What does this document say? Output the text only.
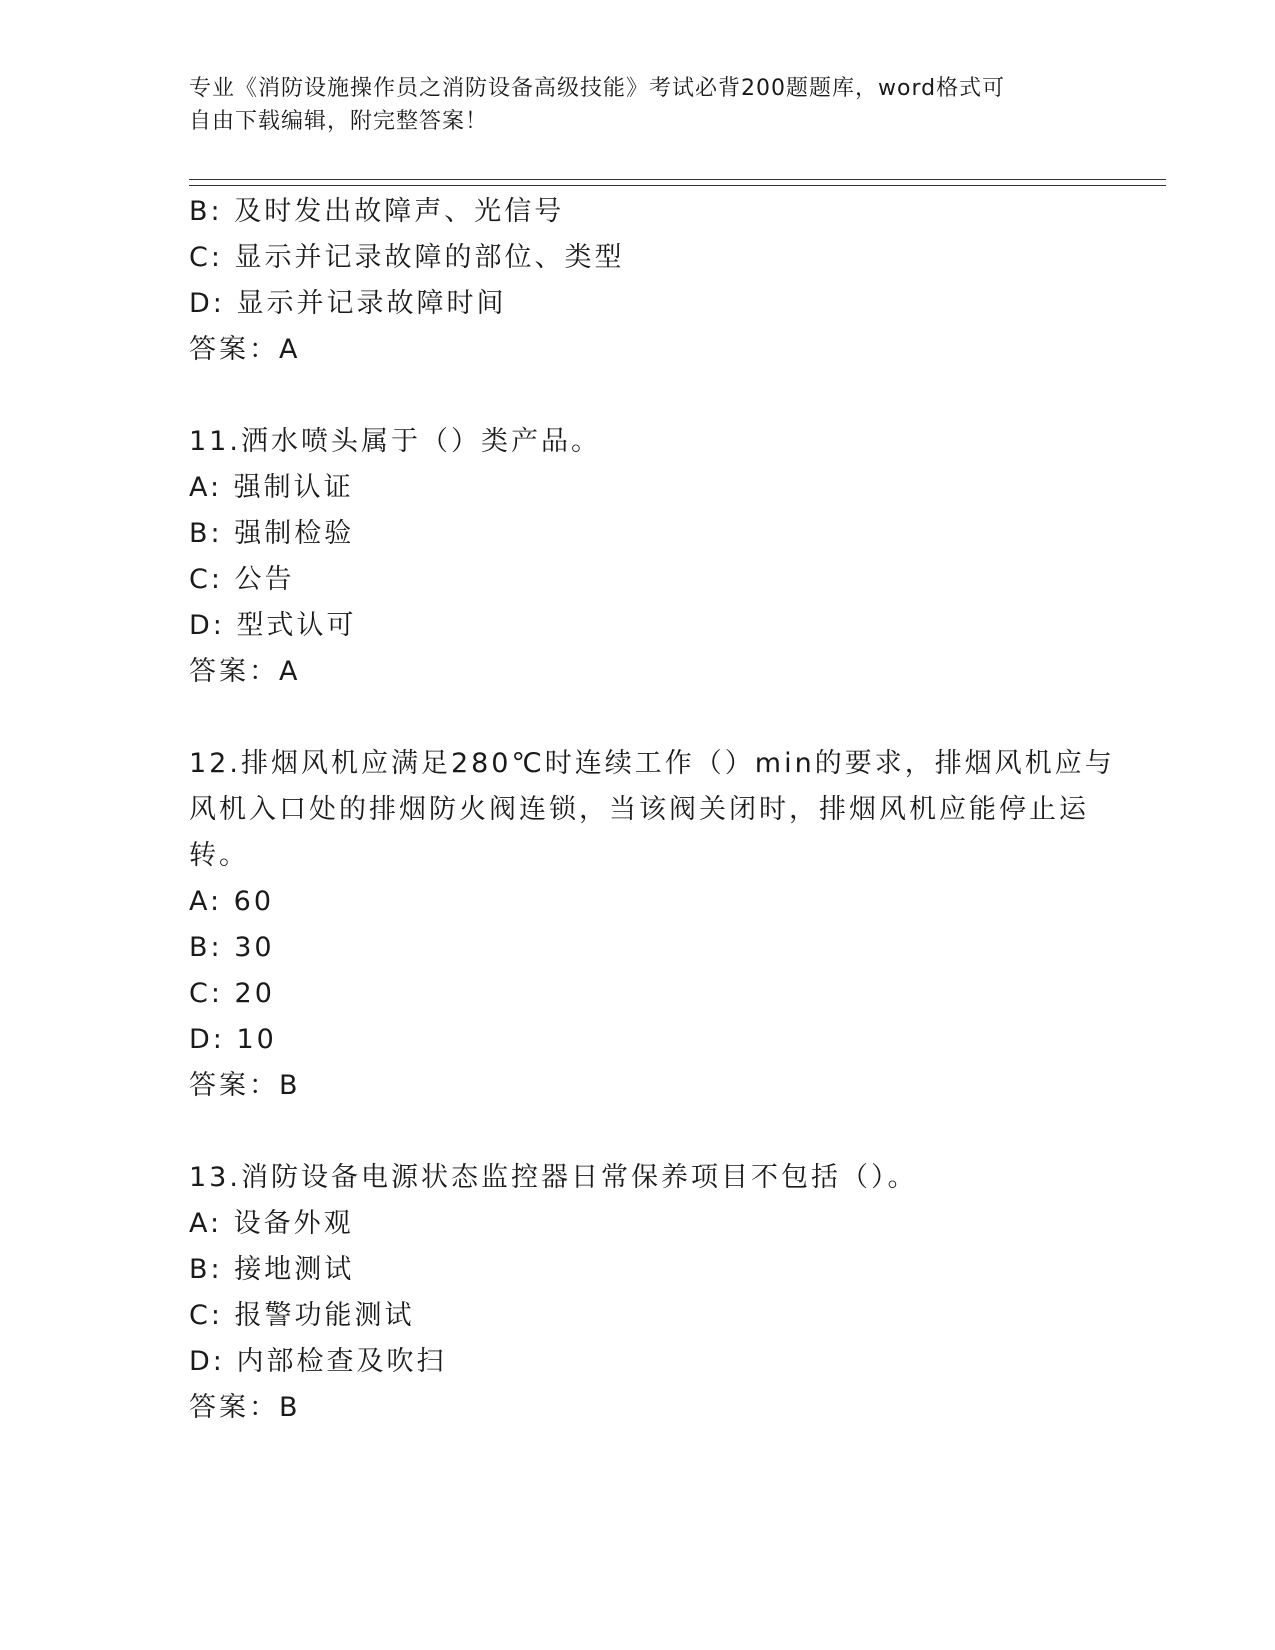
专业《消防设施操作员之消防设备高级技能》考试必背200题题库，word格式可
自由下载编辑，附完整答案！
B: 及时发出故障声、光信号
C: 显示并记录故障的部位、类型
D: 显示并记录故障时间
答案：A
11.洒水喷头属于（）类产品。
A: 强制认证
B: 强制检验
C: 公告
D: 型式认可
答案：A
12.排烟风机应满足280℃时连续工作（）min的要求，排烟风机应与
风机入口处的排烟防火阀连锁，当该阀关闭时，排烟风机应能停止运
转。
A: 60
B: 30
C: 20
D: 10
答案：B
13.消防设备电源状态监控器日常保养项目不包括（）。
A: 设备外观
B: 接地测试
C: 报警功能测试
D: 内部检查及吹扫
答案：B
